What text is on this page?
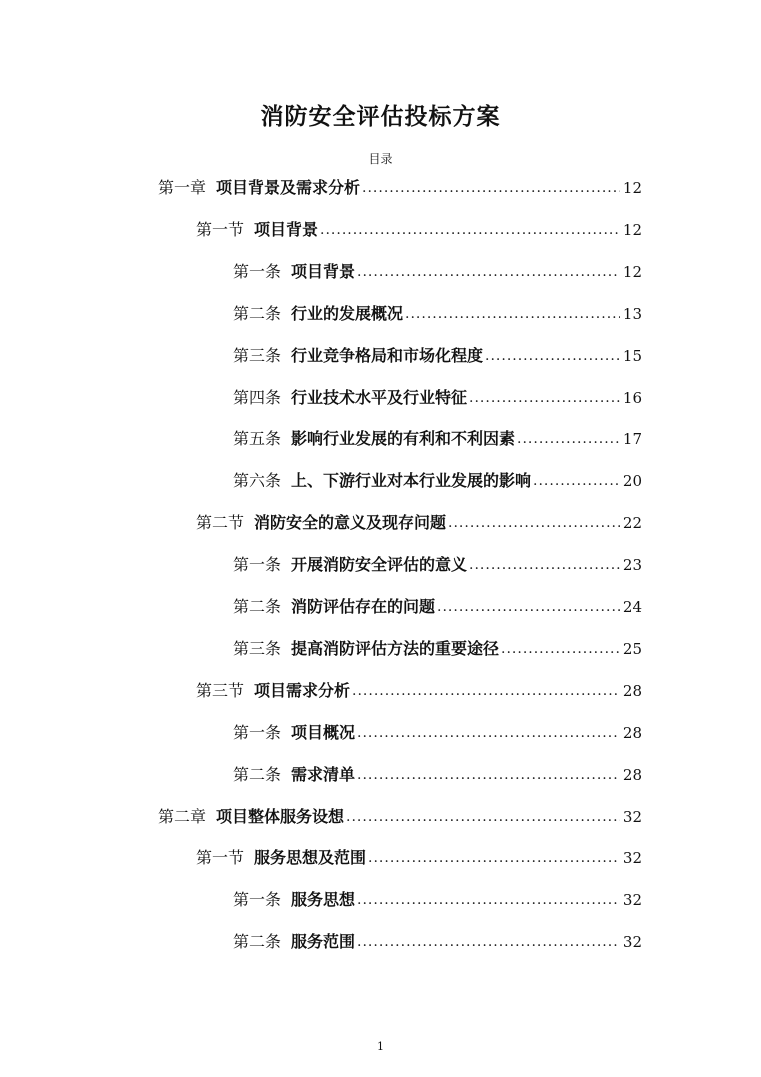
消防安全评估投标方案
目录
第一章 项目背景及需求分析 .....	12
第一节 项目背景 .....	12
第一条 项目背景 .....	12
第二条 行业的发展概况 .....	13
第三条 行业竞争格局和市场化程度 .....	15
第四条 行业技术水平及行业特征 .....	16
第五条 影响行业发展的有利和不利因素 .....	17
第六条 上、下游行业对本行业发展的影响 .....	20
第二节 消防安全的意义及现存问题 .....	22
第一条 开展消防安全评估的意义 .....	23
第二条 消防评估存在的问题 .....	24
第三条 提高消防评估方法的重要途径 .....	25
第三节 项目需求分析 .....	28
第一条 项目概况 .....	28
第二条 需求清单 .....	28
第二章 项目整体服务设想 .....	32
第一节 服务思想及范围 .....	32
第一条 服务思想 .....	32
第二条 服务范围 .....	32
1
